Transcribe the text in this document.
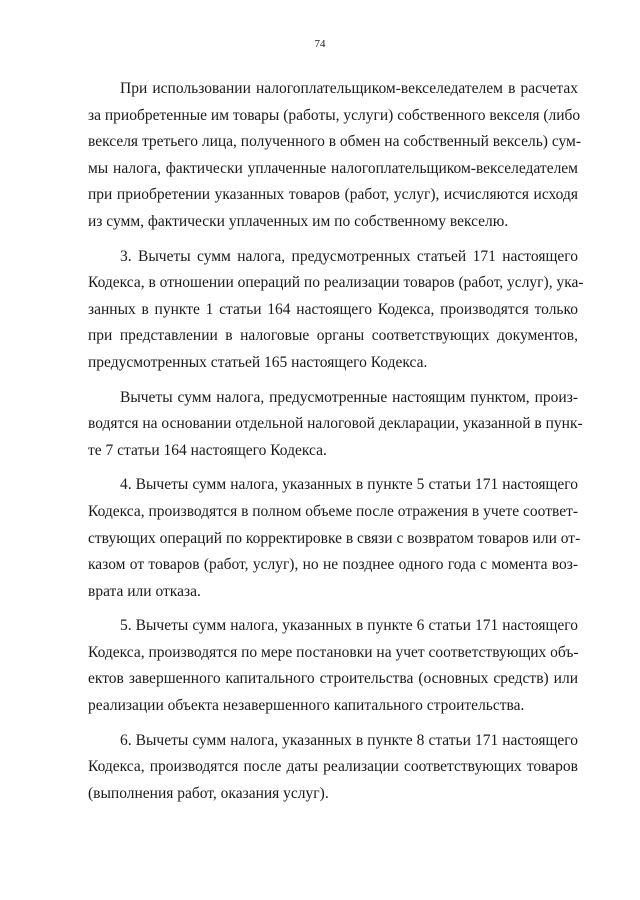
74
При использовании налогоплательщиком-векселедателем в расчетах
за приобретенные им товары (работы, услуги) собственного векселя (либо
векселя третьего лица, полученного в обмен на собственный вексель) сум-
мы налога, фактически уплаченные налогоплательщиком-векселедателем
при приобретении указанных товаров (работ, услуг), исчисляются исходя
из сумм, фактически уплаченных им по собственному векселю.
3. Вычеты сумм налога, предусмотренных статьей 171 настоящего
Кодекса, в отношении операций по реализации товаров (работ, услуг), ука-
занных в пункте 1 статьи 164 настоящего Кодекса, производятся только
при представлении в налоговые органы соответствующих документов,
предусмотренных статьей 165 настоящего Кодекса.
Вычеты сумм налога, предусмотренные настоящим пунктом, произ-
водятся на основании отдельной налоговой декларации, указанной в пунк-
те 7 статьи 164 настоящего Кодекса.
4. Вычеты сумм налога, указанных в пункте 5 статьи 171 настоящего
Кодекса, производятся в полном объеме после отражения в учете соответ-
ствующих операций по корректировке в связи с возвратом товаров или от-
казом от товаров (работ, услуг), но не позднее одного года с момента воз-
врата или отказа.
5. Вычеты сумм налога, указанных в пункте 6 статьи 171 настоящего
Кодекса, производятся по мере постановки на учет соответствующих объ-
ектов завершенного капитального строительства (основных средств) или
реализации объекта незавершенного капитального строительства.
6. Вычеты сумм налога, указанных в пункте 8 статьи 171 настоящего
Кодекса, производятся после даты реализации соответствующих товаров
(выполнения работ, оказания услуг).
